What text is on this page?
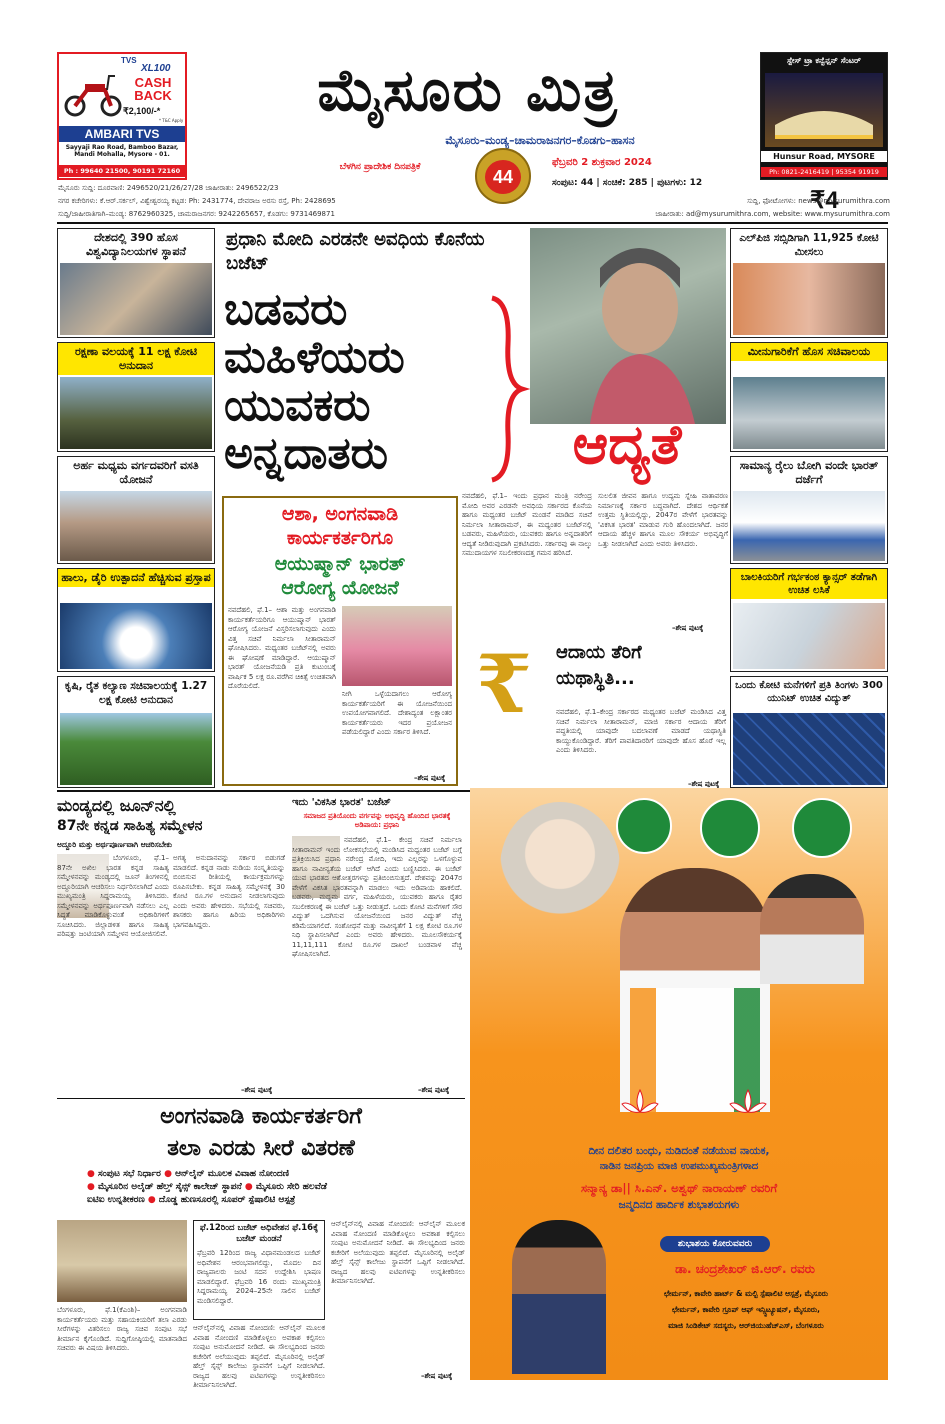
TVS
XL100
CASH BACK
₹2,100/-*
* T&C Apply
AMBARI TVS
Sayyaji Rao Road, Bamboo Bazar, Mandi Mohalla, Mysore - 01.
Ph : 99640 21500, 90191 72160
ಮೈಸೂರು ಮಿತ್ರ
ಮೈಸೂರು–ಮಂಡ್ಯ–ಚಾಮರಾಜನಗರ–ಕೊಡಗು–ಹಾಸನ
ಬೆಳಗಿನ ಪ್ರಾದೇಶಿಕ ದಿನಪತ್ರಿಕೆ	44
ಫೆಬ್ರವರಿ 2 ಶುಕ್ರವಾರ 2024
ಸಂಪುಟ: 44 | ಸಂಚಿಕೆ: 285 | ಪುಟಗಳು: 12
₹4
ಸ್ಪೇಸ್ ಟ್ರಾ ಕನ್ವೆನ್ಷನ್ ಸೆಂಟರ್
Hunsur Road, MYSORE
Ph: 0821-2416419 | 95354 91919
ಮೈಸೂರು ಸುದ್ದಿ: ದೂರವಾಣಿ: 2496520/21/26/27/28 ಜಾಹೀರಾತು: 2496522/23
ನಗರ ಕಚೇರಿಗಳು: ಕೆ.ಆರ್.ಸರ್ಕಲ್, ವಿಶ್ವೇಶ್ವರಯ್ಯ ಕಟ್ಟಡ: Ph: 2431774, ದೇವರಾಜ ಅರಸು ರಸ್ತೆ, Ph: 2428695
ಸುದ್ದಿ/ಜಾಹೀರಾತಿಗಾಗಿ–ಮಂಡ್ಯ: 8762960325, ಚಾಮರಾಜನಗರ: 9242265657, ಕೊಡಗು: 9731469871
ಸುದ್ದಿ, ಫೋಟೋಗಳು: news@mysurumithra.com
ಜಾಹೀರಾತು: ad@mysurumithra.com, website: www.mysurumithra.com
ದೇಶದಲ್ಲಿ 390 ಹೊಸ ವಿಶ್ವವಿದ್ಯಾನಿಲಯಗಳ ಸ್ಥಾಪನೆ
ರಕ್ಷಣಾ ವಲಯಕ್ಕೆ 11 ಲಕ್ಷ ಕೋಟಿ ಅನುದಾನ
ಅರ್ಹ ಮಧ್ಯಮ ವರ್ಗದವರಿಗೆ ವಸತಿ ಯೋಜನೆ
ಹಾಲು, ಡೈರಿ ಉತ್ಪಾದನೆ ಹೆಚ್ಚಿಸುವ ಪ್ರಸ್ತಾಪ
ಕೃಷಿ, ರೈತ ಕಲ್ಯಾಣ ಸಚಿವಾಲಯಕ್ಕೆ 1.27 ಲಕ್ಷ ಕೋಟಿ ಅನುದಾನ
ಪ್ರಧಾನಿ ಮೋದಿ ಎರಡನೇ ಅವಧಿಯ ಕೊನೆಯ ಬಜೆಟ್
ಬಡವರು
ಮಹಿಳೆಯರು
ಯುವಕರು
ಅನ್ನದಾತರು	ಆದ್ಯತೆ
ನವದೆಹಲಿ, ಫೆ.1– ಇಂದು ಪ್ರಧಾನ ಮಂತ್ರಿ ನರೇಂದ್ರ ಮೋದಿ ಅವರ ಎರಡನೇ ಅವಧಿಯ ಸರ್ಕಾರದ ಕೊನೆಯ ಹಾಗೂ ಮಧ್ಯಂತರ ಬಜೆಟ್ ಮಂಡನೆ ಮಾಡಿದ ಸಚಿವೆ ನಿರ್ಮಲಾ ಸೀತಾರಾಮನ್, ಈ ಮಧ್ಯಂತರ ಬಜೆಟ್‌ನಲ್ಲಿ ಬಡವರು, ಮಹಿಳೆಯರು, ಯುವಕರು ಹಾಗೂ ಅನ್ನದಾತರಿಗೆ ಆದ್ಯತೆ ನೀಡಿರುವುದಾಗಿ ಪ್ರಕಟಿಸಿದರು. ಸರ್ಕಾರವು ಈ ನಾಲ್ಕು ಸಮುದಾಯಗಳ ಸಬಲೀಕರಣದತ್ತ ಗಮನ ಹರಿಸಿದೆ.
ಸುಲಲಿತ ಜೀವನ ಹಾಗೂ ಉದ್ಯಮ ಸ್ನೇಹಿ ವಾತಾವರಣ ನಿರ್ಮಾಣಕ್ಕೆ ಸರ್ಕಾರ ಬದ್ಧವಾಗಿದೆ. ದೇಶದ ಆರ್ಥಿಕತೆ ಉತ್ತಮ ಸ್ಥಿತಿಯಲ್ಲಿದ್ದು, 2047ರ ವೇಳೆಗೆ ಭಾರತವನ್ನು 'ವಿಕಸಿತ ಭಾರತ' ಮಾಡುವ ಗುರಿ ಹೊಂದಲಾಗಿದೆ. ಜನರ ಆದಾಯ ಹೆಚ್ಚಳ ಹಾಗೂ ಮೂಲ ಸೌಕರ್ಯ ಅಭಿವೃದ್ಧಿಗೆ ಒತ್ತು ನೀಡಲಾಗಿದೆ ಎಂದು ಅವರು ತಿಳಿಸಿದರು.
–ಶೇಷ ಪುಟಕ್ಕೆ
ಆಶಾ, ಅಂಗನವಾಡಿ
ಕಾರ್ಯಕರ್ತರಿಗೂ
ಆಯುಷ್ಮಾನ್ ಭಾರತ್
ಆರೋಗ್ಯ ಯೋಜನೆ
ನವದೆಹಲಿ, ಫೆ.1– ಆಶಾ ಮತ್ತು ಅಂಗನವಾಡಿ ಕಾರ್ಯಕರ್ತೆಯರಿಗೂ ಆಯುಷ್ಮಾನ್ ಭಾರತ್ ಆರೋಗ್ಯ ಯೋಜನೆ ವಿಸ್ತರಿಸಲಾಗುವುದು ಎಂದು ವಿತ್ತ ಸಚಿವೆ ನಿರ್ಮಲಾ ಸೀತಾರಾಮನ್ ಘೋಷಿಸಿದರು. ಮಧ್ಯಂತರ ಬಜೆಟ್‌ನಲ್ಲಿ ಅವರು ಈ ಘೋಷಣೆ ಮಾಡಿದ್ದಾರೆ. ಆಯುಷ್ಮಾನ್ ಭಾರತ್ ಯೋಜನೆಯಡಿ ಪ್ರತಿ ಕುಟುಂಬಕ್ಕೆ ವಾರ್ಷಿಕ 5 ಲಕ್ಷ ರೂ.ವರೆಗಿನ ಚಿಕಿತ್ಸೆ ಉಚಿತವಾಗಿ ದೊರೆಯಲಿದೆ.
ನೀಗಿ ಒಳ್ಳೆಯದಾಗಲು ಆರೋಗ್ಯ ಕಾರ್ಯಕರ್ತೆಯರಿಗೆ ಈ ಯೋಜನೆಯಿಂದ ಉಪಯೋಗವಾಗಲಿದೆ. ದೇಶಾದ್ಯಂತ ಲಕ್ಷಾಂತರ ಕಾರ್ಯಕರ್ತೆಯರು ಇದರ ಪ್ರಯೋಜನ ಪಡೆಯಲಿದ್ದಾರೆ ಎಂದು ಸರ್ಕಾರ ತಿಳಿಸಿದೆ.
–ಶೇಷ ಪುಟಕ್ಕೆ
₹	ಆದಾಯ ತೆರಿಗೆ
ಯಥಾಸ್ಥಿತಿ...
ನವದೆಹಲಿ, ಫೆ.1–ಕೇಂದ್ರ ಸರ್ಕಾರದ ಮಧ್ಯಂತರ ಬಜೆಟ್ ಮಂಡಿಸಿದ ವಿತ್ತ ಸಚಿವೆ ನಿರ್ಮಲಾ ಸೀತಾರಾಮನ್, ಮಾಜಿ ಸರ್ಕಾರ ಆದಾಯ ತೆರಿಗೆ ಪದ್ಧತಿಯಲ್ಲಿ ಯಾವುದೇ ಬದಲಾವಣೆ ಮಾಡದೆ ಯಥಾಸ್ಥಿತಿ ಕಾಯ್ದುಕೊಂಡಿದ್ದಾರೆ. ತೆರಿಗೆ ಪಾವತಿದಾರರಿಗೆ ಯಾವುದೇ ಹೊಸ ಹೊರೆ ಇಲ್ಲ ಎಂದು ತಿಳಿಸಿದರು.
–ಶೇಷ ಪುಟಕ್ಕೆ
ಎಲ್‌ಪಿಜಿ ಸಬ್ಸಿಡಿಗಾಗಿ 11,925 ಕೋಟಿ ಮೀಸಲು
ಮೀನುಗಾರಿಕೆಗೆ ಹೊಸ ಸಚಿವಾಲಯ
ಸಾಮಾನ್ಯ ರೈಲು ಬೋಗಿ ವಂದೇ ಭಾರತ್ ದರ್ಜೆಗೆ
ಬಾಲಕಿಯರಿಗೆ ಗರ್ಭಕಂಠ ಕ್ಯಾನ್ಸರ್ ತಡೆಗಾಗಿ ಉಚಿತ ಲಸಿಕೆ
ಒಂದು ಕೋಟಿ ಮನೆಗಳಿಗೆ ಪ್ರತಿ ತಿಂಗಳು 300 ಯುನಿಟ್ ಉಚಿತ ವಿದ್ಯುತ್
ಮಂಡ್ಯದಲ್ಲಿ ಜೂನ್‌ನಲ್ಲಿ
87ನೇ ಕನ್ನಡ ಸಾಹಿತ್ಯ ಸಮ್ಮೇಳನ
ಅದ್ದೂರಿ ಮತ್ತು ಅರ್ಥಪೂರ್ಣವಾಗಿ ಆಚರಿಸಬೇಕು
ಬೆಂಗಳೂರು, ಫೆ.1– 87ನೇ ಅಖಿಲ ಭಾರತ ಕನ್ನಡ ಸಾಹಿತ್ಯ ಸಮ್ಮೇಳನವನ್ನು ಮಂಡ್ಯದಲ್ಲಿ ಜೂನ್ ತಿಂಗಳಿನಲ್ಲಿ ಅದ್ದೂರಿಯಾಗಿ ಆಚರಿಸಲು ನಿರ್ಧರಿಸಲಾಗಿದೆ ಎಂದು ಮುಖ್ಯಮಂತ್ರಿ ಸಿದ್ದರಾಮಯ್ಯ ತಿಳಿಸಿದರು. ಸಮ್ಮೇಳನವನ್ನು ಅರ್ಥಪೂರ್ಣವಾಗಿ ನಡೆಸಲು ಎಲ್ಲ ಸಿದ್ಧತೆ ಮಾಡಿಕೊಳ್ಳುವಂತೆ ಅಧಿಕಾರಿಗಳಿಗೆ ಸೂಚಿಸಿದರು. ಜಿಲ್ಲಾಡಳಿತ ಹಾಗೂ ಸಾಹಿತ್ಯ ಪರಿಷತ್ತು ಜಂಟಿಯಾಗಿ ಸಮ್ಮೇಳನ ಆಯೋಜಿಸಲಿವೆ.
ಅಗತ್ಯ ಅನುದಾನವನ್ನು ಸರ್ಕಾರ ಬಿಡುಗಡೆ ಮಾಡಲಿದೆ. ಕನ್ನಡ ನಾಡು ನುಡಿಯ ಸಂಸ್ಕೃತಿಯನ್ನು ಬಿಂಬಿಸುವ ರೀತಿಯಲ್ಲಿ ಕಾರ್ಯಕ್ರಮಗಳನ್ನು ರೂಪಿಸಬೇಕು. ಕನ್ನಡ ಸಾಹಿತ್ಯ ಸಮ್ಮೇಳನಕ್ಕೆ 30 ಕೋಟಿ ರೂ.ಗಳ ಅನುದಾನ ನೀಡಲಾಗುವುದು ಎಂದು ಅವರು ಹೇಳಿದರು. ಸಭೆಯಲ್ಲಿ ಸಚಿವರು, ಶಾಸಕರು ಹಾಗೂ ಹಿರಿಯ ಅಧಿಕಾರಿಗಳು ಭಾಗವಹಿಸಿದ್ದರು.
–ಶೇಷ ಪುಟಕ್ಕೆ
ಇದು 'ವಿಕಸಿತ ಭಾರತ' ಬಜೆಟ್
ಸಮಾಜದ ಪ್ರತಿಯೊಂದು ವರ್ಗವನ್ನು ಅಭಿವೃದ್ಧಿ ಹೊಂದಿದ ಭಾರತಕ್ಕೆ ಅಡಿಪಾಯ: ಪ್ರಧಾನಿ
ನವದೆಹಲಿ, ಫೆ.1– ಕೇಂದ್ರ ಸಚಿವೆ ನಿರ್ಮಲಾ ಸೀತಾರಾಮನ್ ಇಂದು ಲೋಕಸಭೆಯಲ್ಲಿ ಮಂಡಿಸಿದ ಮಧ್ಯಂತರ ಬಜೆಟ್ ಬಗ್ಗೆ ಪ್ರತಿಕ್ರಿಯಿಸಿದ ಪ್ರಧಾನಿ ನರೇಂದ್ರ ಮೋದಿ, ಇದು ಎಲ್ಲರನ್ನು ಒಳಗೊಳ್ಳುವ ಹಾಗೂ ನಾವೀನ್ಯತೆಯ ಬಜೆಟ್ ಆಗಿದೆ ಎಂದು ಬಣ್ಣಿಸಿದರು. ಈ ಬಜೆಟ್ ಯುವ ಭಾರತದ ಆಶೋತ್ತರಗಳನ್ನು ಪ್ರತಿಬಿಂಬಿಸುತ್ತದೆ. ದೇಶವನ್ನು 2047ರ ವೇಳೆಗೆ ವಿಕಸಿತ ಭಾರತವನ್ನಾಗಿ ಮಾಡಲು ಇದು ಅಡಿಪಾಯ ಹಾಕಲಿದೆ. ಬಡವರು, ಮಧ್ಯಮ ವರ್ಗ, ಮಹಿಳೆಯರು, ಯುವಕರು ಹಾಗೂ ರೈತರ ಸಬಲೀಕರಣಕ್ಕೆ ಈ ಬಜೆಟ್ ಒತ್ತು ನೀಡುತ್ತದೆ. ಒಂದು ಕೋಟಿ ಮನೆಗಳಿಗೆ ಸೌರ ವಿದ್ಯುತ್ ಒದಗಿಸುವ ಯೋಜನೆಯಿಂದ ಜನರ ವಿದ್ಯುತ್ ವೆಚ್ಚ ಕಡಿಮೆಯಾಗಲಿದೆ. ಸಂಶೋಧನೆ ಮತ್ತು ನಾವೀನ್ಯತೆಗೆ 1 ಲಕ್ಷ ಕೋಟಿ ರೂ.ಗಳ ನಿಧಿ ಸ್ಥಾಪಿಸಲಾಗಿದೆ ಎಂದು ಅವರು ಹೇಳಿದರು. ಮೂಲಸೌಕರ್ಯಕ್ಕೆ 11,11,111 ಕೋಟಿ ರೂ.ಗಳ ದಾಖಲೆ ಬಂಡವಾಳ ವೆಚ್ಚ ಘೋಷಿಸಲಾಗಿದೆ.
–ಶೇಷ ಪುಟಕ್ಕೆ
ಅಂಗನವಾಡಿ ಕಾರ್ಯಕರ್ತರಿಗೆ
ತಲಾ ಎರಡು ಸೀರೆ ವಿತರಣೆ
● ಸಂಪುಟ ಸಭೆ ನಿರ್ಧಾರ ● ಆನ್‌ಲೈನ್ ಮೂಲಕ ವಿವಾಹ ನೋಂದಣಿ
● ಮೈಸೂರಿನ ಅಲೈಡ್ ಹೆಲ್ತ್ ಸೈನ್ಸ್ ಕಾಲೇಜ್ ಸ್ಥಾಪನೆ ● ಮೈಸೂರು ಸೇರಿ ಹಲವೆಡೆ
ಐಟಿಐ ಉನ್ನತೀಕರಣ ● ದೊಡ್ಡ ಹುಣಸೂರಲ್ಲಿ ಸೂಪರ್ ಸ್ಪೆಷಾಲಿಟಿ ಆಸ್ಪತ್ರೆ
ಬೆಂಗಳೂರು, ಫೆ.1(ಕೆಎಂಶಿ)– ಅಂಗನವಾಡಿ ಕಾರ್ಯಕರ್ತೆಯರು ಮತ್ತು ಸಹಾಯಕಿಯರಿಗೆ ತಲಾ ಎರಡು ಸೀರೆಗಳನ್ನು ವಿತರಿಸಲು ರಾಜ್ಯ ಸಚಿವ ಸಂಪುಟ ಸಭೆ ತೀರ್ಮಾನ ಕೈಗೊಂಡಿದೆ. ಸುದ್ದಿಗೋಷ್ಠಿಯಲ್ಲಿ ಮಾತನಾಡಿದ ಸಚಿವರು ಈ ವಿಷಯ ತಿಳಿಸಿದರು.
ಫೆ.12ರಿಂದ ಬಜೆಟ್ ಅಧಿವೇಶನ ಫೆ.16ಕ್ಕೆ ಬಜೆಟ್ ಮಂಡನೆ
ಫೆಬ್ರವರಿ 12ರಿಂದ ರಾಜ್ಯ ವಿಧಾನಮಂಡಲದ ಬಜೆಟ್ ಅಧಿವೇಶನ ಆರಂಭವಾಗಲಿದ್ದು, ಮೊದಲ ದಿನ ರಾಜ್ಯಪಾಲರು ಜಂಟಿ ಸದನ ಉದ್ದೇಶಿಸಿ ಭಾಷಣ ಮಾಡಲಿದ್ದಾರೆ. ಫೆಬ್ರವರಿ 16 ರಂದು ಮುಖ್ಯಮಂತ್ರಿ ಸಿದ್ದರಾಮಯ್ಯ 2024–25ನೇ ಸಾಲಿನ ಬಜೆಟ್ ಮಂಡಿಸಲಿದ್ದಾರೆ.
ಆನ್‌ಲೈನ್‌ನಲ್ಲಿ ವಿವಾಹ ನೋಂದಣಿ: ಆನ್‌ಲೈನ್ ಮೂಲಕ ವಿವಾಹ ನೋಂದಣಿ ಮಾಡಿಕೊಳ್ಳಲು ಅವಕಾಶ ಕಲ್ಪಿಸಲು ಸಂಪುಟ ಅನುಮೋದನೆ ನೀಡಿದೆ. ಈ ಸೌಲಭ್ಯದಿಂದ ಜನರು ಕಚೇರಿಗೆ ಅಲೆಯುವುದು ತಪ್ಪಲಿದೆ. ಮೈಸೂರಿನಲ್ಲಿ ಅಲೈಡ್ ಹೆಲ್ತ್ ಸೈನ್ಸ್ ಕಾಲೇಜು ಸ್ಥಾಪನೆಗೆ ಒಪ್ಪಿಗೆ ನೀಡಲಾಗಿದೆ. ರಾಜ್ಯದ ಹಲವು ಐಟಿಐಗಳನ್ನು ಉನ್ನತೀಕರಿಸಲು ತೀರ್ಮಾನಿಸಲಾಗಿದೆ.
ಆನ್‌ಲೈನ್‌ನಲ್ಲಿ ವಿವಾಹ ನೋಂದಣಿ: ಆನ್‌ಲೈನ್ ಮೂಲಕ ವಿವಾಹ ನೋಂದಣಿ ಮಾಡಿಕೊಳ್ಳಲು ಅವಕಾಶ ಕಲ್ಪಿಸಲು ಸಂಪುಟ ಅನುಮೋದನೆ ನೀಡಿದೆ. ಈ ಸೌಲಭ್ಯದಿಂದ ಜನರು ಕಚೇರಿಗೆ ಅಲೆಯುವುದು ತಪ್ಪಲಿದೆ. ಮೈಸೂರಿನಲ್ಲಿ ಅಲೈಡ್ ಹೆಲ್ತ್ ಸೈನ್ಸ್ ಕಾಲೇಜು ಸ್ಥಾಪನೆಗೆ ಒಪ್ಪಿಗೆ ನೀಡಲಾಗಿದೆ. ರಾಜ್ಯದ ಹಲವು ಐಟಿಐಗಳನ್ನು ಉನ್ನತೀಕರಿಸಲು ತೀರ್ಮಾನಿಸಲಾಗಿದೆ.
–ಶೇಷ ಪುಟಕ್ಕೆ
ದೀನ ದಲಿತರ ಬಂಧು, ನುಡಿದಂತೆ ನಡೆಯುವ ನಾಯಕ,
ನಾಡಿನ ಜನಪ್ರಿಯ ಮಾಜಿ ಉಪಮುಖ್ಯಮಂತ್ರಿಗಳಾದ
ಸನ್ಮಾನ್ಯ ಡಾ|| ಸಿ.ಎನ್. ಅಶ್ವಥ್ ನಾರಾಯಣ್ ರವರಿಗೆ
ಜನ್ಮದಿನದ ಹಾರ್ದಿಕ ಶುಭಾಶಯಗಳು
ಶುಭಾಶಯ ಕೋರುವವರು
ಡಾ. ಚಂದ್ರಶೇಖರ್ ಜಿ.ಆರ್. ರವರು
ಛೇರ್ಮನ್, ಕಾವೇರಿ ಹಾರ್ಟ್ & ಮಲ್ಟಿ ಸ್ಪೆಷಾಲಿಟಿ ಆಸ್ಪತ್ರೆ, ಮೈಸೂರು
ಛೇರ್ಮನ್, ಕಾವೇರಿ ಗ್ರೂಪ್ ಆಫ್ ಇನ್ಸ್ಟಿಟ್ಯೂಷನ್, ಮೈಸೂರು,
ಮಾಜಿ ಸಿಂಡಿಕೇಟ್ ಸದಸ್ಯರು, ಆರ್‌ಜಿಯುಹೆಚ್‌ಎಸ್, ಬೆಂಗಳೂರು
